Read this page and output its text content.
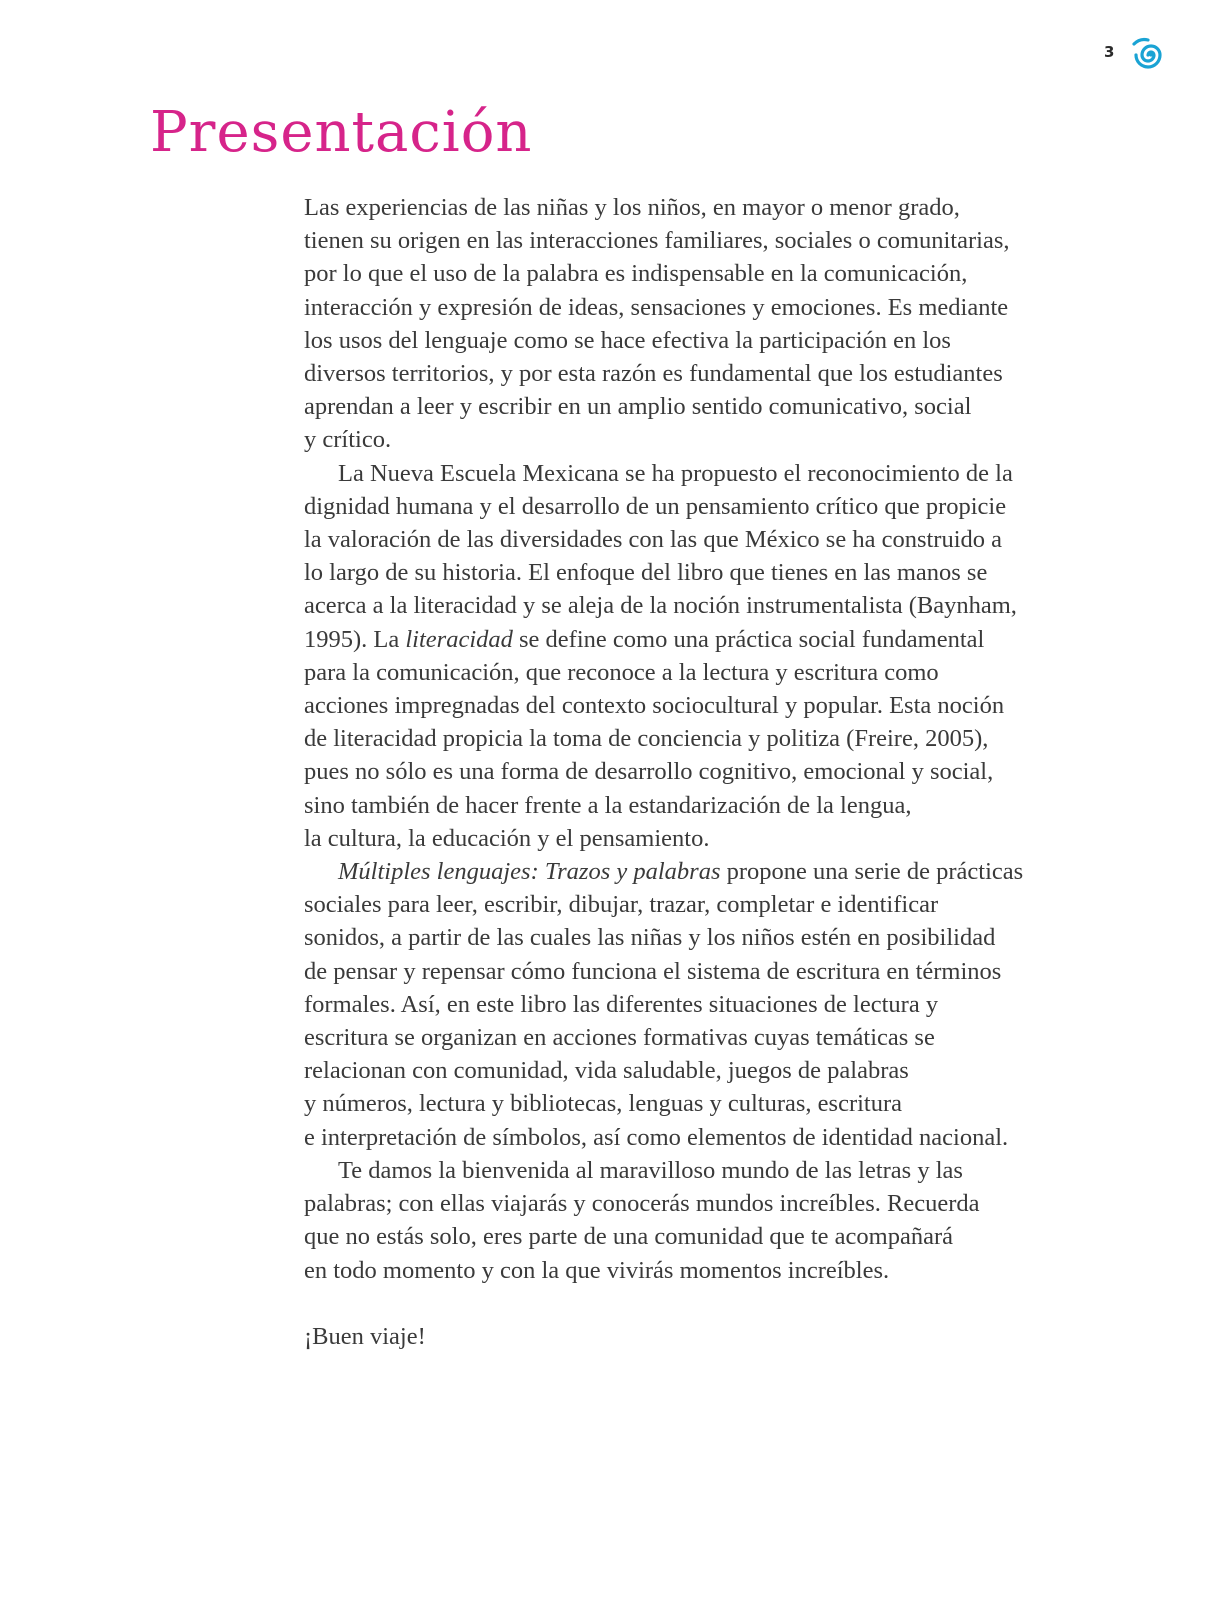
3
Presentación

Las experiencias de las niñas y los niños, en mayor o menor grado,
tienen su origen en las interacciones familiares, sociales o comunitarias,
por lo que el uso de la palabra es indispensable en la comunicación,
interacción y expresión de ideas, sensaciones y emociones. Es mediante
los usos del lenguaje como se hace efectiva la participación en los
diversos territorios, y por esta razón es fundamental que los estudiantes
aprendan a leer y escribir en un amplio sentido comunicativo, social
y crítico.

La Nueva Escuela Mexicana se ha propuesto el reconocimiento de la
dignidad humana y el desarrollo de un pensamiento crítico que propicie
la valoración de las diversidades con las que México se ha construido a
lo largo de su historia. El enfoque del libro que tienes en las manos se
acerca a la literacidad y se aleja de la noción instrumentalista (Baynham,
1995). La literacidad se define como una práctica social fundamental
para la comunicación, que reconoce a la lectura y escritura como
acciones impregnadas del contexto sociocultural y popular. Esta noción
de literacidad propicia la toma de conciencia y politiza (Freire, 2005),
pues no sólo es una forma de desarrollo cognitivo, emocional y social,
sino también de hacer frente a la estandarización de la lengua,
la cultura, la educación y el pensamiento.

Múltiples lenguajes: Trazos y palabras propone una serie de prácticas
sociales para leer, escribir, dibujar, trazar, completar e identificar
sonidos, a partir de las cuales las niñas y los niños estén en posibilidad
de pensar y repensar cómo funciona el sistema de escritura en términos
formales. Así, en este libro las diferentes situaciones de lectura y
escritura se organizan en acciones formativas cuyas temáticas se
relacionan con comunidad, vida saludable, juegos de palabras
y números, lectura y bibliotecas, lenguas y culturas, escritura
e interpretación de símbolos, así como elementos de identidad nacional.

Te damos la bienvenida al maravilloso mundo de las letras y las
palabras; con ellas viajarás y conocerás mundos increíbles. Recuerda
que no estás solo, eres parte de una comunidad que te acompañará
en todo momento y con la que vivirás momentos increíbles.

¡Buen viaje!
